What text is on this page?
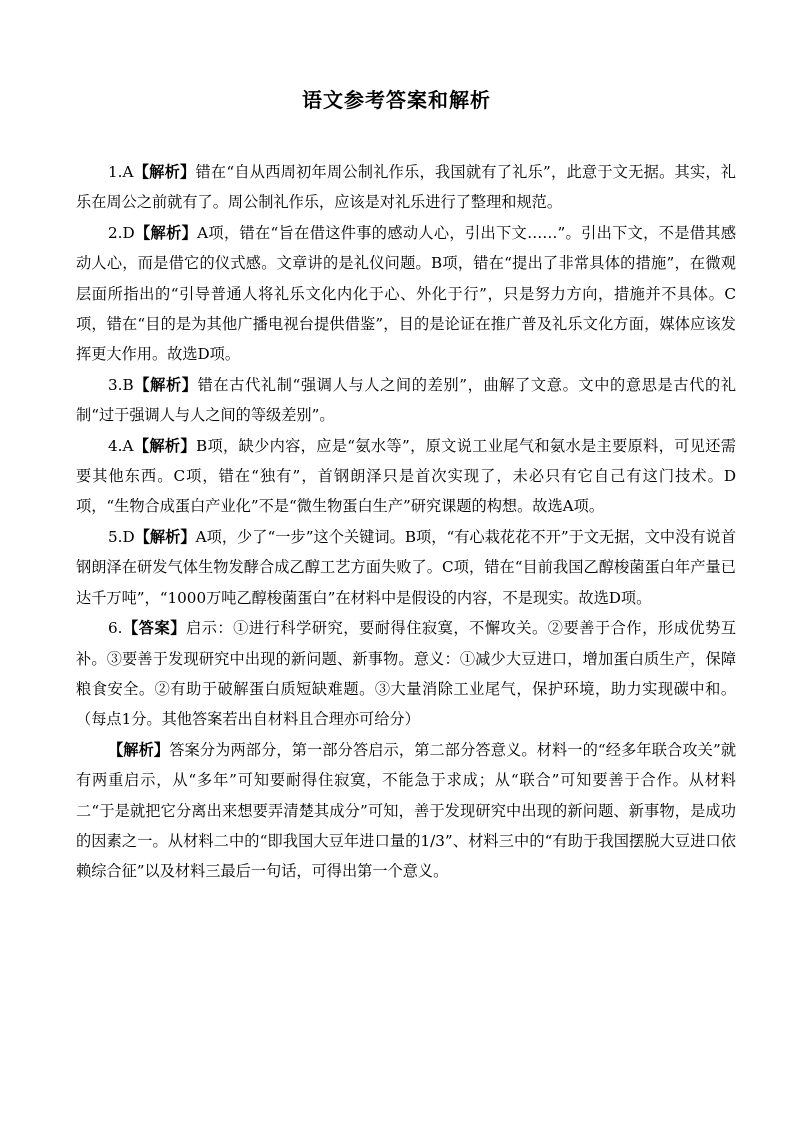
语文参考答案和解析

1.A【解析】错在“自从西周初年周公制礼作乐，我国就有了礼乐”，此意于文无据。其实，礼乐在周公之前就有了。周公制礼作乐，应该是对礼乐进行了整理和规范。

2.D【解析】A项，错在“旨在借这件事的感动人心，引出下文……”。引出下文，不是借其感动人心，而是借它的仪式感。文章讲的是礼仪问题。B项，错在“提出了非常具体的措施”，在微观层面所指出的“引导普通人将礼乐文化内化于心、外化于行”，只是努力方向，措施并不具体。C项，错在“目的是为其他广播电视台提供借鉴”，目的是论证在推广普及礼乐文化方面，媒体应该发挥更大作用。故选D项。

3.B【解析】错在古代礼制“强调人与人之间的差别”，曲解了文意。文中的意思是古代的礼制“过于强调人与人之间的等级差别”。

4.A【解析】B项，缺少内容，应是“氨水等”，原文说工业尾气和氨水是主要原料，可见还需要其他东西。C项，错在“独有”，首钢朗泽只是首次实现了，未必只有它自己有这门技术。D项，“生物合成蛋白产业化”不是“微生物蛋白生产”研究课题的构想。故选A项。

5.D【解析】A项，少了“一步”这个关键词。B项，“有心栽花花不开”于文无据，文中没有说首钢朗泽在研发气体生物发酵合成乙醇工艺方面失败了。C项，错在“目前我国乙醇梭菌蛋白年产量已达千万吨”，“1000万吨乙醇梭菌蛋白”在材料中是假设的内容，不是现实。故选D项。

6.【答案】启示：①进行科学研究，要耐得住寂寞，不懈攻关。②要善于合作，形成优势互补。③要善于发现研究中出现的新问题、新事物。意义：①减少大豆进口，增加蛋白质生产，保障粮食安全。②有助于破解蛋白质短缺难题。③大量消除工业尾气，保护环境，助力实现碳中和。（每点1分。其他答案若出自材料且合理亦可给分）

【解析】答案分为两部分，第一部分答启示，第二部分答意义。材料一的“经多年联合攻关”就有两重启示，从“多年”可知要耐得住寂寞，不能急于求成；从“联合”可知要善于合作。从材料二“于是就把它分离出来想要弄清楚其成分”可知，善于发现研究中出现的新问题、新事物，是成功的因素之一。从材料二中的“即我国大豆年进口量的1/3”、材料三中的“有助于我国摆脱大豆进口依赖综合征”以及材料三最后一句话，可得出第一个意义。
